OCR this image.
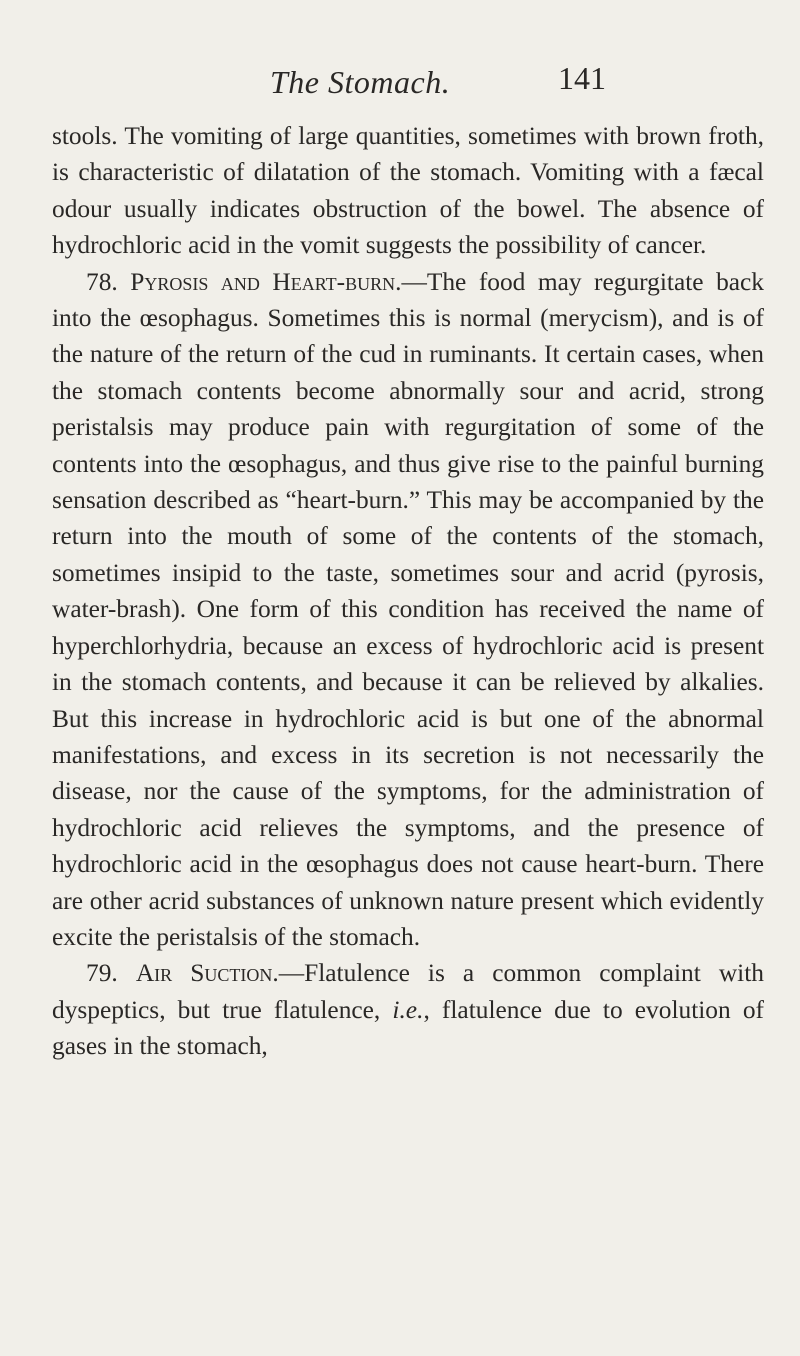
The Stomach.	141

stools. The vomiting of large quantities, sometimes with brown froth, is characteristic of dilatation of the stomach. Vomiting with a fæcal odour usually indicates obstruction of the bowel. The absence of hydrochloric acid in the vomit suggests the possibility of cancer.

78. Pyrosis and Heart-burn.—The food may regurgitate back into the œsophagus. Sometimes this is normal (merycism), and is of the nature of the return of the cud in ruminants. It certain cases, when the stomach contents become abnormally sour and acrid, strong peristalsis may produce pain with regurgitation of some of the contents into the œsophagus, and thus give rise to the painful burning sensation described as “heart-burn.” This may be accompanied by the return into the mouth of some of the contents of the stomach, sometimes insipid to the taste, sometimes sour and acrid (pyrosis, water-brash). One form of this condition has received the name of hyperchlorhydria, because an excess of hydrochloric acid is present in the stomach contents, and because it can be relieved by alkalies. But this increase in hydrochloric acid is but one of the abnormal manifestations, and excess in its secretion is not necessarily the disease, nor the cause of the symptoms, for the administration of hydrochloric acid relieves the symptoms, and the presence of hydrochloric acid in the œsophagus does not cause heart-burn. There are other acrid substances of unknown nature present which evidently excite the peristalsis of the stomach.

79. Air Suction.—Flatulence is a common complaint with dyspeptics, but true flatulence, i.e., flatulence due to evolution of gases in the stomach,
